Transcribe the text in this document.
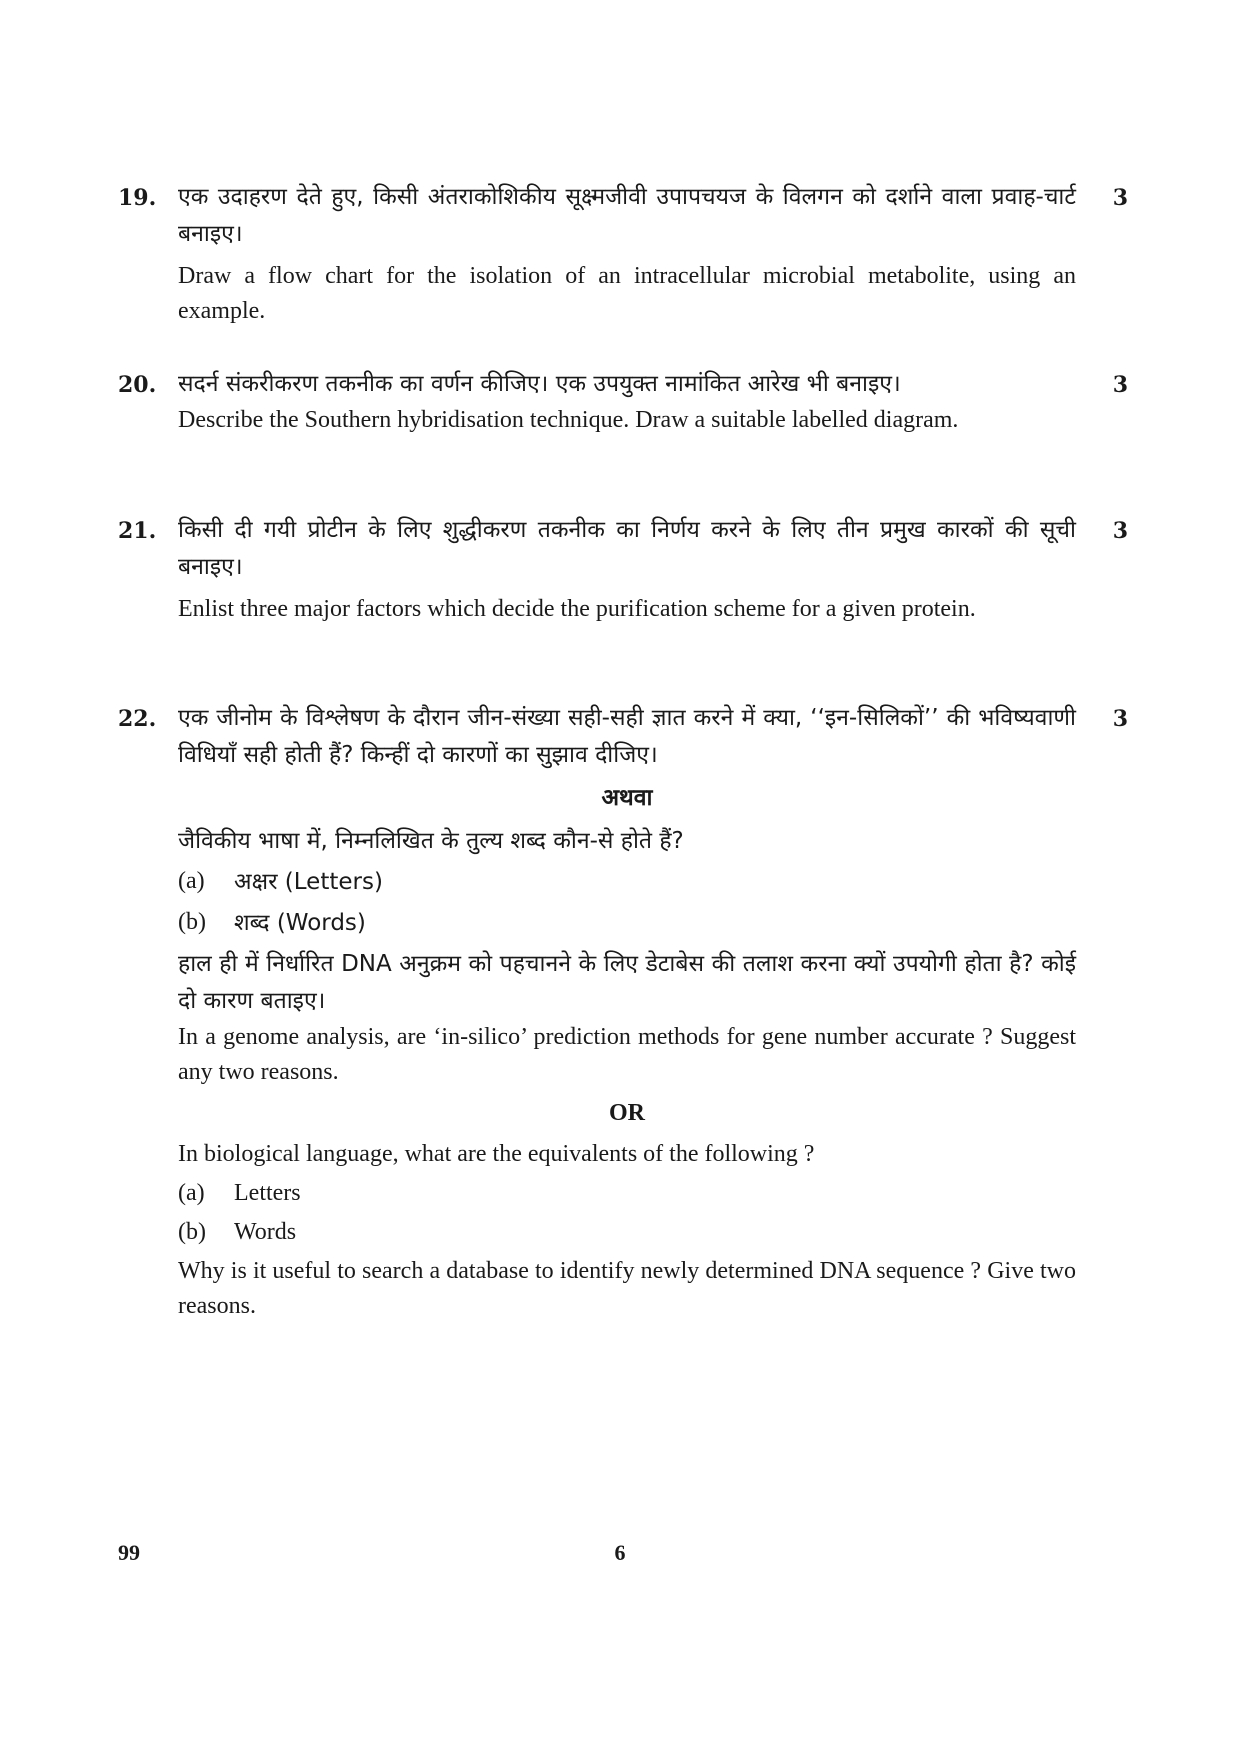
19.	3

एक उदाहरण देते हुए, किसी अंतराकोशिकीय सूक्ष्मजीवी उपापचयज के विलगन को दर्शाने वाला प्रवाह-चार्ट बनाइए।

Draw a flow chart for the isolation of an intracellular microbial metabolite, using an example.

20.	3

सदर्न संकरीकरण तकनीक का वर्णन कीजिए। एक उपयुक्त नामांकित आरेख भी बनाइए।

Describe the Southern hybridisation technique. Draw a suitable labelled diagram.

21.	3

किसी दी गयी प्रोटीन के लिए शुद्धीकरण तकनीक का निर्णय करने के लिए तीन प्रमुख कारकों की सूची बनाइए।

Enlist three major factors which decide the purification scheme for a given protein.

22.	3

एक जीनोम के विश्लेषण के दौरान जीन-संख्या सही-सही ज्ञात करने में क्या, ‘‘इन-सिलिकों’’ की भविष्यवाणी विधियाँ सही होती हैं? किन्हीं दो कारणों का सुझाव दीजिए।

अथवा

जैविकीय भाषा में, निम्नलिखित के तुल्य शब्द कौन-से होते हैं?

(a)	अक्षर (Letters)
(b)	शब्द (Words)

हाल ही में निर्धारित DNA अनुक्रम को पहचानने के लिए डेटाबेस की तलाश करना क्यों उपयोगी होता है? कोई दो कारण बताइए।

In a genome analysis, are ‘in-silico’ prediction methods for gene number accurate ? Suggest any two reasons.

OR

In biological language, what are the equivalents of the following ?

(a)	Letters
(b)	Words

Why is it useful to search a database to identify newly determined DNA sequence ? Give two reasons.

6
99
